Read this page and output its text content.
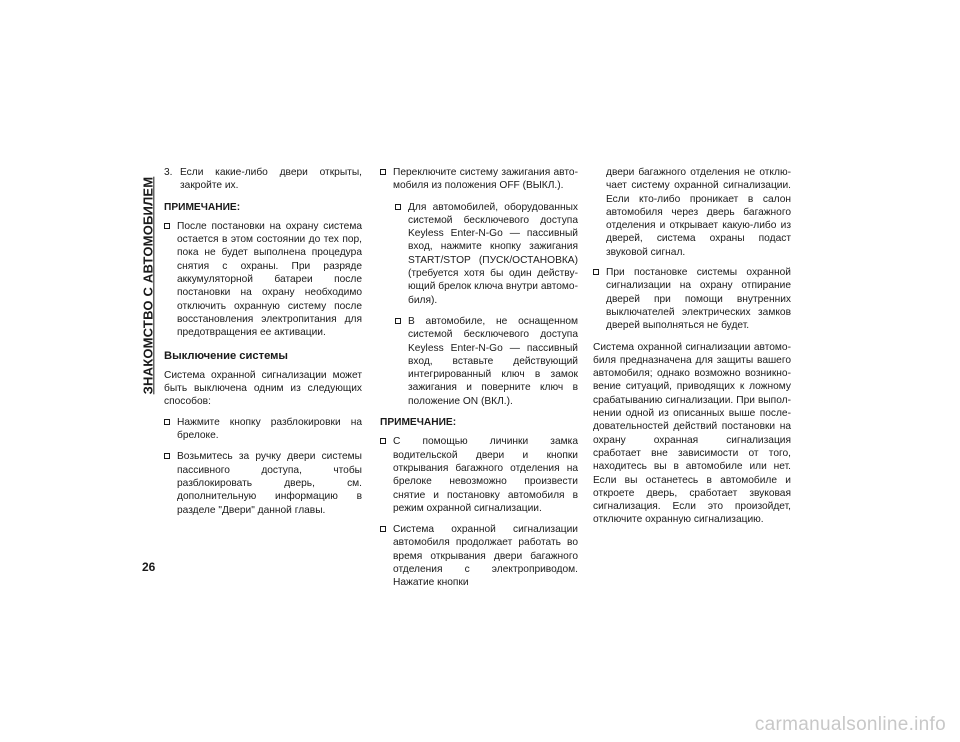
ЗНАКОМСТВО С АВТОМОБИЛЕМ
3. Если какие-либо двери открыты, закройте их.
ПРИМЕЧАНИЕ:
После постановки на охрану система остается в этом состоянии до тех пор, пока не будет выполнена процедура снятия с охраны. При разряде аккумуляторной батареи после постановки на охрану необходимо отключить охранную систему после восстановления электропитания для предотвращения ее активации.
Выключение системы

Система охранной сигнализации может быть выключена одним из следующих способов:

Нажмите кнопку разблокировки на брелоке.
Возьмитесь за ручку двери системы пассивного доступа, чтобы разблокировать дверь, см. дополнительную информацию в разделе "Двери" данной главы.
Переключите систему зажигания автомобиля из положения OFF (ВЫКЛ.).
Для автомобилей, оборудованных системой бесключевого доступа Keyless Enter-N-Go — пассивный вход, нажмите кнопку зажигания START/STOP (ПУСК/ОСТАНОВКА) (требуется хотя бы один действующий брелок ключа внутри автомобиля).
В автомобиле, не оснащенном системой бесключевого доступа Keyless Enter-N-Go — пассивный вход, вставьте действующий интегрированный ключ в замок зажигания и поверните ключ в положение ON (ВКЛ.).
ПРИМЕЧАНИЕ:
С помощью личинки замка водительской двери и кнопки открывания багажного отделения на брелоке невозможно произвести снятие и постановку автомобиля в режим охранной сигнализации.
Система охранной сигнализации автомобиля продолжает работать во время открывания двери багажного отделения с электроприводом. Нажатие кнопки

двери багажного отделения не отключает систему охранной сигнализации. Если кто-либо проникает в салон автомобиля через дверь багажного отделения и открывает какую-либо из дверей, система охраны подаст звуковой сигнал.

При постановке системы охранной сигнализации на охрану отпирание дверей при помощи внутренних выключателей электрических замков дверей выполняться не будет.

Система охранной сигнализации автомобиля предназначена для защиты вашего автомобиля; однако возможно возникновение ситуаций, приводящих к ложному срабатыванию сигнализации. При выполнении одной из описанных выше последовательностей действий постановки на охрану охранная сигнализация сработает вне зависимости от того, находитесь вы в автомобиле или нет. Если вы останетесь в автомобиле и откроете дверь, сработает звуковая сигнализация. Если это произойдет, отключите охранную сигнализацию.

26
carmanualsonline.info
